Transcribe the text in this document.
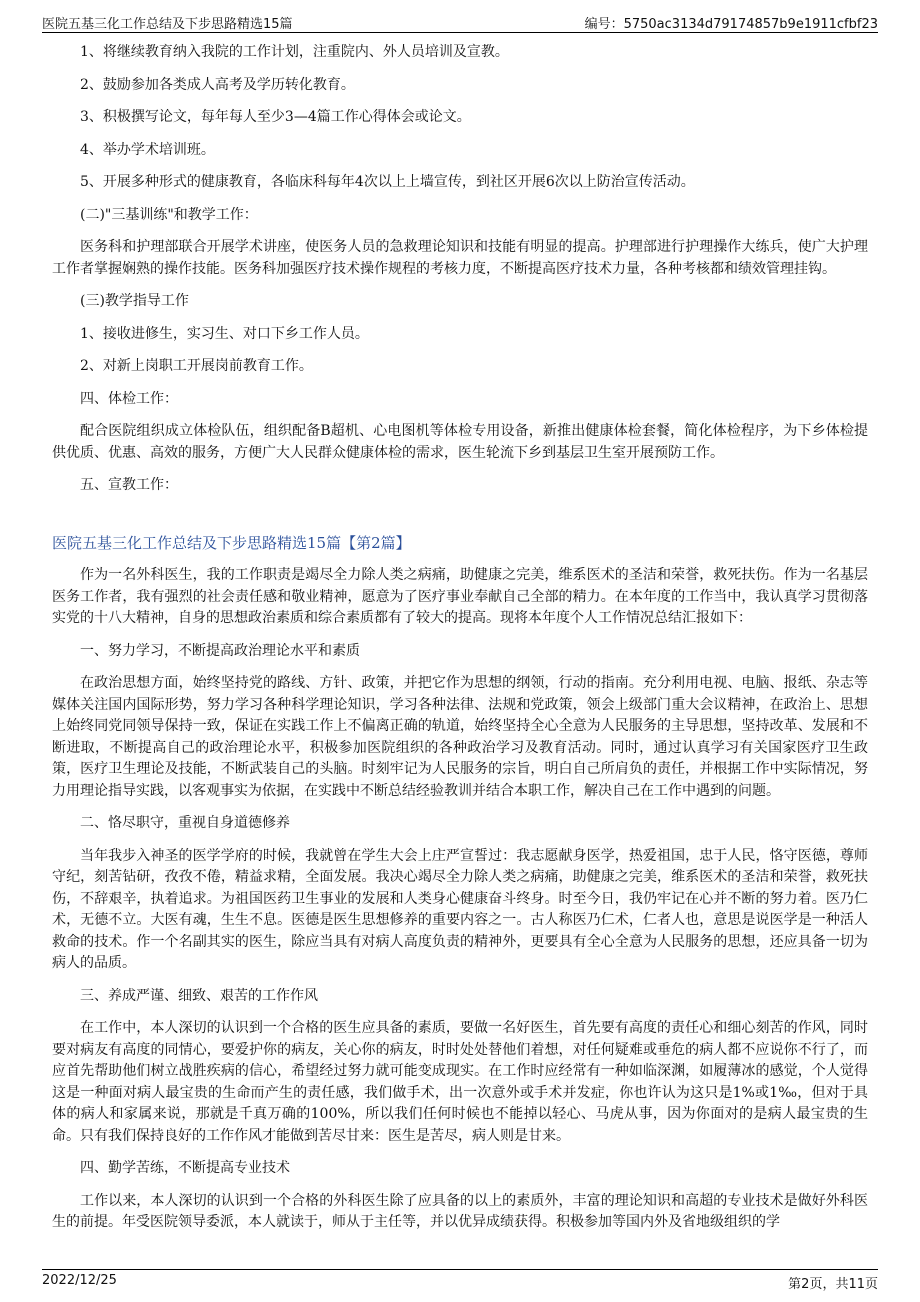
医院五基三化工作总结及下步思路精选15篇	编号：5750ac3134d79174857b9e1911cfbf23

1、将继续教育纳入我院的工作计划，注重院内、外人员培训及宣教。

2、鼓励参加各类成人高考及学历转化教育。

3、积极撰写论文，每年每人至少3—4篇工作心得体会或论文。

4、举办学术培训班。

5、开展多种形式的健康教育，各临床科每年4次以上上墙宣传，到社区开展6次以上防治宣传活动。

(二)"三基训练"和教学工作：

医务科和护理部联合开展学术讲座，使医务人员的急救理论知识和技能有明显的提高。护理部进行护理操作大练兵，使广大护理工作者掌握娴熟的操作技能。医务科加强医疗技术操作规程的考核力度，不断提高医疗技术力量，各种考核都和绩效管理挂钩。

(三)教学指导工作

1、接收进修生，实习生、对口下乡工作人员。

2、对新上岗职工开展岗前教育工作。

四、体检工作：

配合医院组织成立体检队伍，组织配备B超机、心电图机等体检专用设备，新推出健康体检套餐，简化体检程序，为下乡体检提供优质、优惠、高效的服务，方便广大人民群众健康体检的需求，医生轮流下乡到基层卫生室开展预防工作。

五、宣教工作：

医院五基三化工作总结及下步思路精选15篇【第2篇】

作为一名外科医生，我的工作职责是竭尽全力除人类之病痛，助健康之完美，维系医术的圣洁和荣誉，救死扶伤。作为一名基层医务工作者，我有强烈的社会责任感和敬业精神，愿意为了医疗事业奉献自己全部的精力。在本年度的工作当中，我认真学习贯彻落实党的十八大精神，自身的思想政治素质和综合素质都有了较大的提高。现将本年度个人工作情况总结汇报如下：

一、努力学习，不断提高政治理论水平和素质

在政治思想方面，始终坚持党的路线、方针、政策，并把它作为思想的纲领，行动的指南。充分利用电视、电脑、报纸、杂志等媒体关注国内国际形势，努力学习各种科学理论知识，学习各种法律、法规和党政策，领会上级部门重大会议精神，在政治上、思想上始终同党同领导保持一致，保证在实践工作上不偏离正确的轨道，始终坚持全心全意为人民服务的主导思想，坚持改革、发展和不断进取，不断提高自己的政治理论水平，积极参加医院组织的各种政治学习及教育活动。同时，通过认真学习有关国家医疗卫生政策，医疗卫生理论及技能，不断武装自己的头脑。时刻牢记为人民服务的宗旨，明白自己所肩负的责任，并根据工作中实际情况，努力用理论指导实践，以客观事实为依据，在实践中不断总结经验教训并结合本职工作，解决自己在工作中遇到的问题。

二、恪尽职守，重视自身道德修养

当年我步入神圣的医学学府的时候，我就曾在学生大会上庄严宣誓过：我志愿献身医学，热爱祖国，忠于人民，恪守医德，尊师守纪，刻苦钻研，孜孜不倦，精益求精，全面发展。我决心竭尽全力除人类之病痛，助健康之完美，维系医术的圣洁和荣誉，救死扶伤，不辞艰辛，执着追求。为祖国医药卫生事业的发展和人类身心健康奋斗终身。时至今日，我仍牢记在心并不断的努力着。医乃仁术，无德不立。大医有魂，生生不息。医德是医生思想修养的重要内容之一。古人称医乃仁术，仁者人也，意思是说医学是一种活人救命的技术。作一个名副其实的医生，除应当具有对病人高度负责的精神外，更要具有全心全意为人民服务的思想，还应具备一切为病人的品质。

三、养成严谨、细致、艰苦的工作作风

在工作中，本人深切的认识到一个合格的医生应具备的素质，要做一名好医生，首先要有高度的责任心和细心刻苦的作风，同时要对病友有高度的同情心，要爱护你的病友，关心你的病友，时时处处替他们着想，对任何疑难或垂危的病人都不应说你不行了，而应首先帮助他们树立战胜疾病的信心，希望经过努力就可能变成现实。在工作时应经常有一种如临深渊，如履薄冰的感觉，个人觉得这是一种面对病人最宝贵的生命而产生的责任感，我们做手术，出一次意外或手术并发症，你也许认为这只是1%或1‰，但对于具体的病人和家属来说，那就是千真万确的100%，所以我们任何时候也不能掉以轻心、马虎从事，因为你面对的是病人最宝贵的生命。只有我们保持良好的工作作风才能做到苦尽甘来：医生是苦尽，病人则是甘来。

四、勤学苦练，不断提高专业技术

工作以来，本人深切的认识到一个合格的外科医生除了应具备的以上的素质外，丰富的理论知识和高超的专业技术是做好外科医生的前提。年受医院领导委派，本人就读于，师从于主任等，并以优异成绩获得。积极参加等国内外及省地级组织的学

2022/12/25	第2页，共11页
